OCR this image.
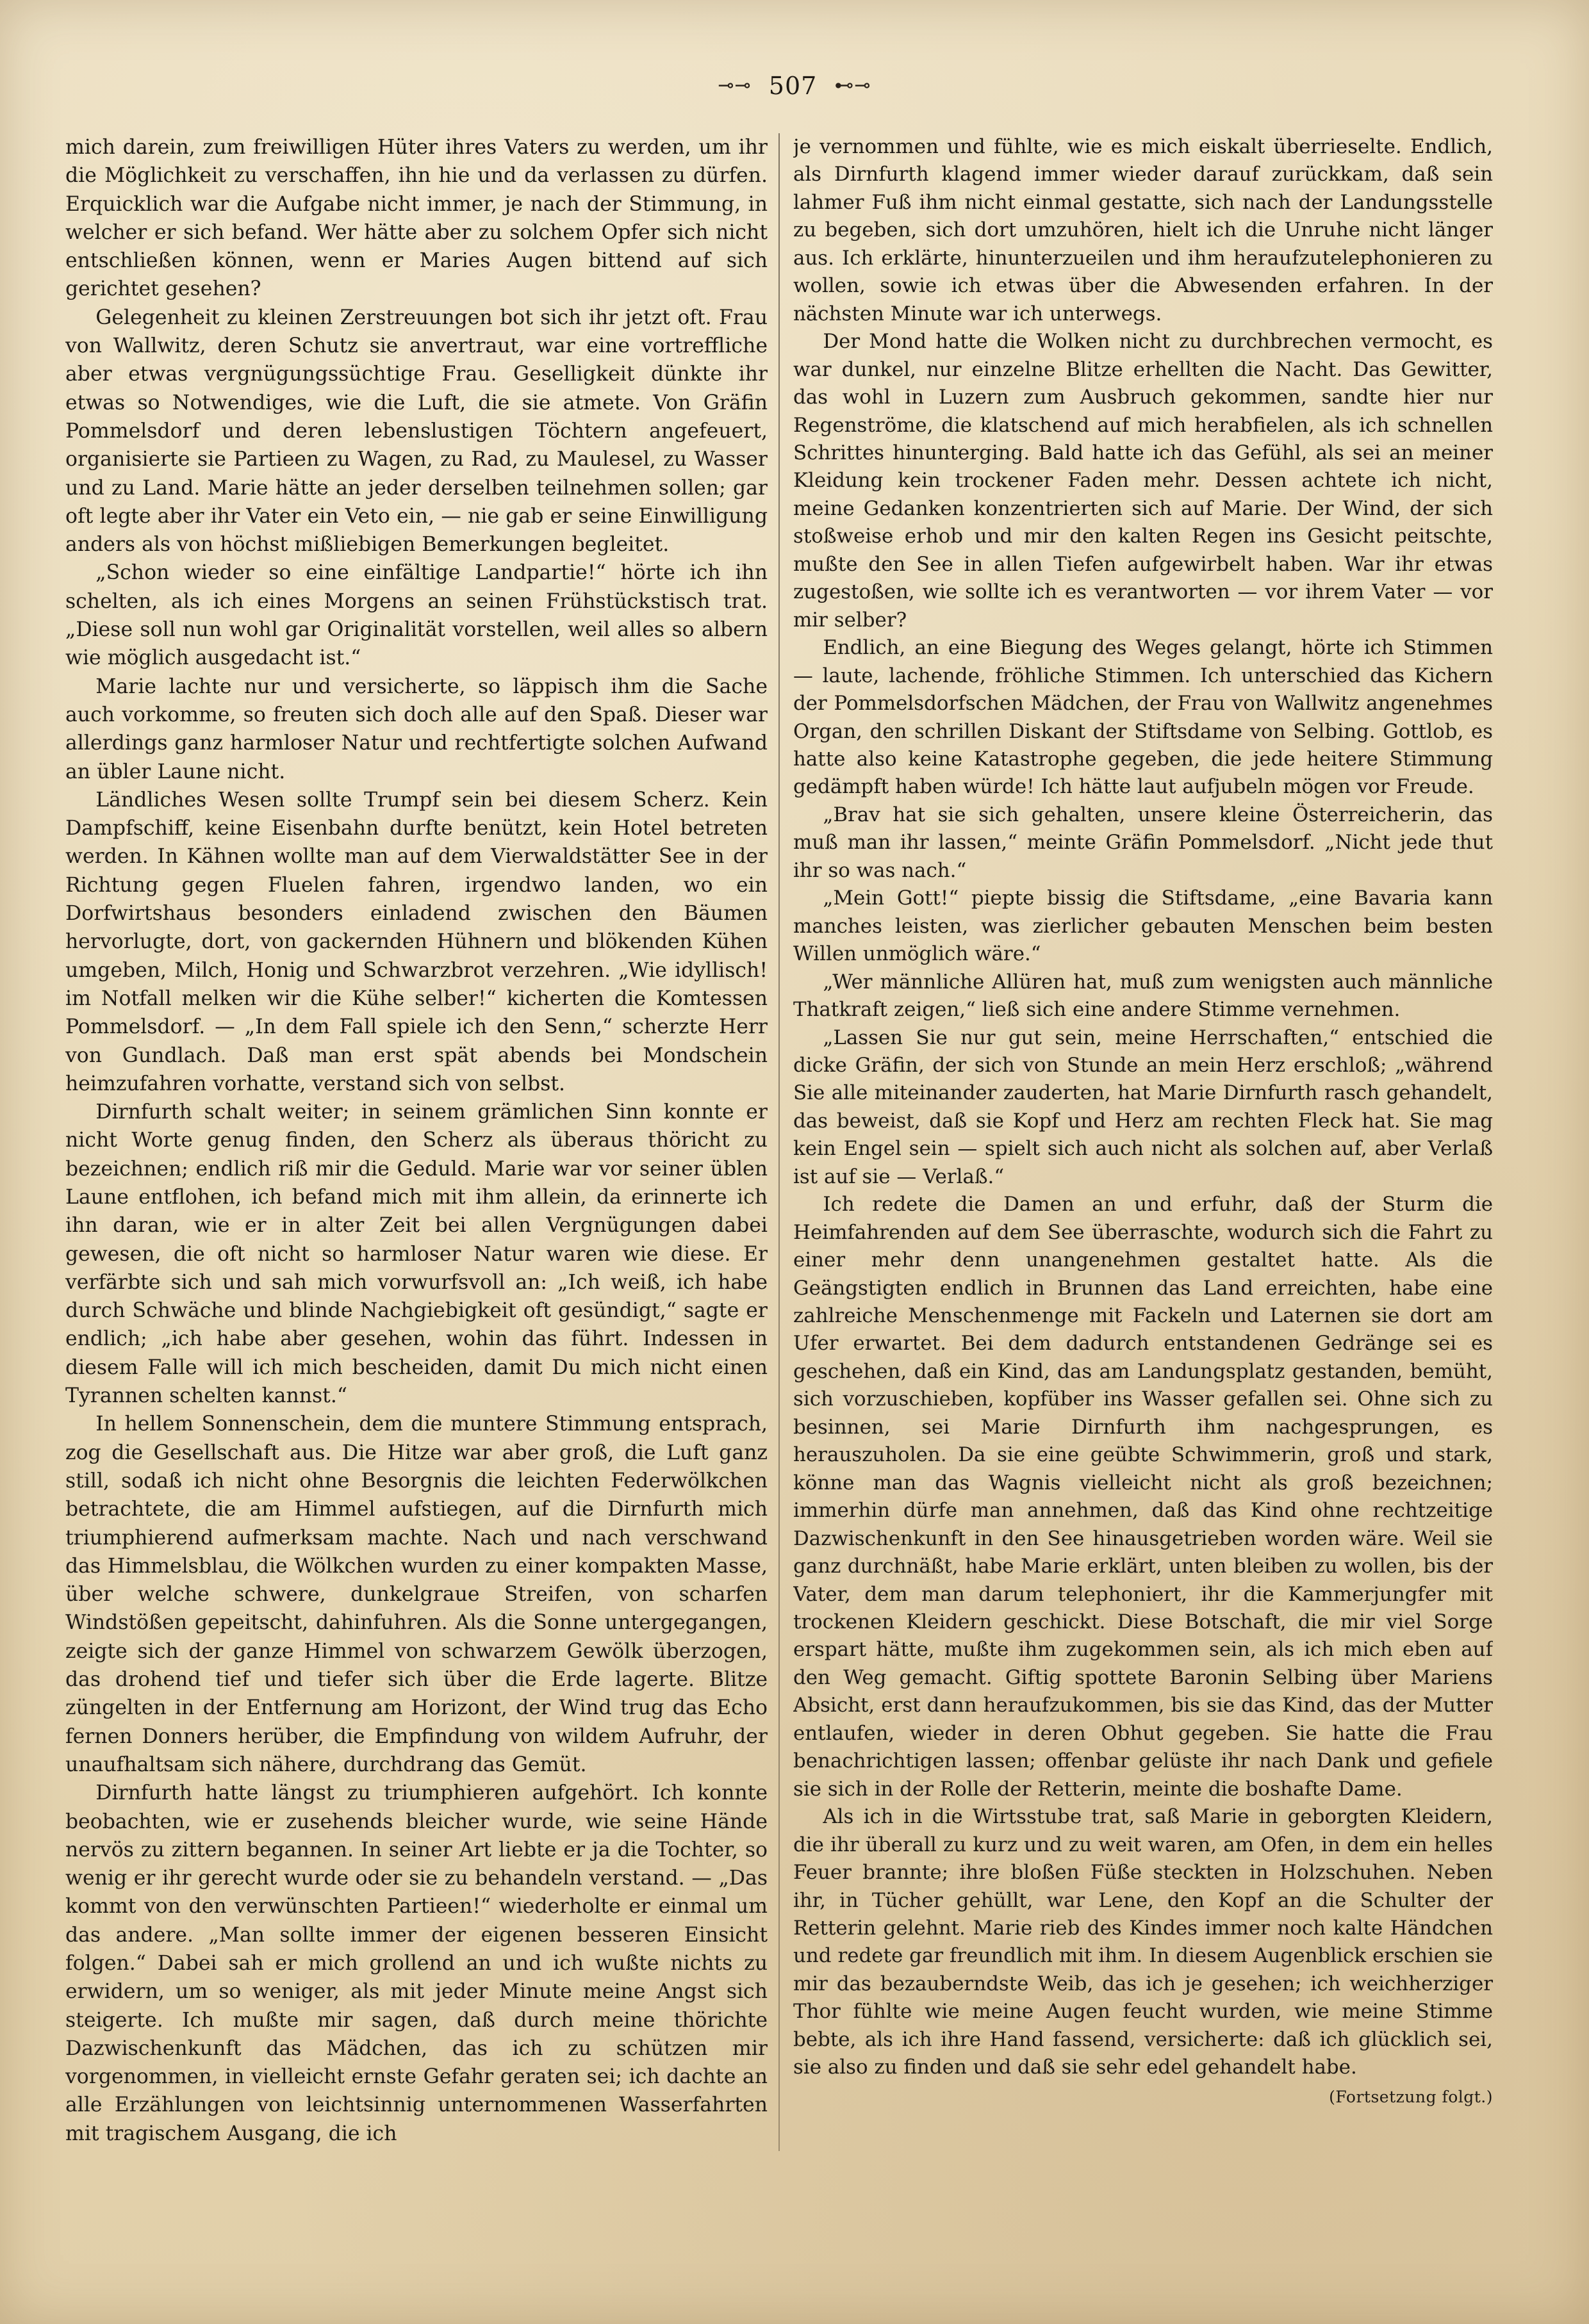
⊸⊸ 507 ⊷⊸

mich darein, zum freiwilligen Hüter ihres Vaters zu werden, um ihr die Möglichkeit zu verschaffen, ihn hie und da verlassen zu dürfen. Erquicklich war die Aufgabe nicht immer, je nach der Stimmung, in welcher er sich befand. Wer hätte aber zu solchem Opfer sich nicht entschließen können, wenn er Maries Augen bittend auf sich gerichtet gesehen?

Gelegenheit zu kleinen Zerstreuungen bot sich ihr jetzt oft. Frau von Wallwitz, deren Schutz sie anvertraut, war eine vortreffliche aber etwas vergnügungssüchtige Frau. Geselligkeit dünkte ihr etwas so Notwendiges, wie die Luft, die sie atmete. Von Gräfin Pommelsdorf und deren lebenslustigen Töchtern angefeuert, organisierte sie Partieen zu Wagen, zu Rad, zu Maulesel, zu Wasser und zu Land. Marie hätte an jeder derselben teilnehmen sollen; gar oft legte aber ihr Vater ein Veto ein, — nie gab er seine Einwilligung anders als von höchst mißliebigen Bemerkungen begleitet.

„Schon wieder so eine einfältige Landpartie!“ hörte ich ihn schelten, als ich eines Morgens an seinen Frühstückstisch trat. „Diese soll nun wohl gar Originalität vorstellen, weil alles so albern wie möglich ausgedacht ist.“

Marie lachte nur und versicherte, so läppisch ihm die Sache auch vorkomme, so freuten sich doch alle auf den Spaß. Dieser war allerdings ganz harmloser Natur und rechtfertigte solchen Aufwand an übler Laune nicht.

Ländliches Wesen sollte Trumpf sein bei diesem Scherz. Kein Dampfschiff, keine Eisenbahn durfte benützt, kein Hotel betreten werden. In Kähnen wollte man auf dem Vierwaldstätter See in der Richtung gegen Fluelen fahren, irgendwo landen, wo ein Dorfwirtshaus besonders einladend zwischen den Bäumen hervorlugte, dort, von gackernden Hühnern und blökenden Kühen umgeben, Milch, Honig und Schwarzbrot verzehren. „Wie idyllisch! im Notfall melken wir die Kühe selber!“ kicherten die Komtessen Pommelsdorf. — „In dem Fall spiele ich den Senn,“ scherzte Herr von Gundlach. Daß man erst spät abends bei Mondschein heimzufahren vorhatte, verstand sich von selbst.

Dirnfurth schalt weiter; in seinem grämlichen Sinn konnte er nicht Worte genug finden, den Scherz als überaus thöricht zu bezeichnen; endlich riß mir die Geduld. Marie war vor seiner üblen Laune entflohen, ich befand mich mit ihm allein, da erinnerte ich ihn daran, wie er in alter Zeit bei allen Vergnügungen dabei gewesen, die oft nicht so harmloser Natur waren wie diese. Er verfärbte sich und sah mich vorwurfsvoll an: „Ich weiß, ich habe durch Schwäche und blinde Nachgiebigkeit oft gesündigt,“ sagte er endlich; „ich habe aber gesehen, wohin das führt. Indessen in diesem Falle will ich mich bescheiden, damit Du mich nicht einen Tyrannen schelten kannst.“

In hellem Sonnenschein, dem die muntere Stimmung entsprach, zog die Gesellschaft aus. Die Hitze war aber groß, die Luft ganz still, sodaß ich nicht ohne Besorgnis die leichten Federwölkchen betrachtete, die am Himmel aufstiegen, auf die Dirnfurth mich triumphierend aufmerksam machte. Nach und nach verschwand das Himmelsblau, die Wölkchen wurden zu einer kompakten Masse, über welche schwere, dunkelgraue Streifen, von scharfen Windstößen gepeitscht, dahinfuhren. Als die Sonne untergegangen, zeigte sich der ganze Himmel von schwarzem Gewölk überzogen, das drohend tief und tiefer sich über die Erde lagerte. Blitze züngelten in der Entfernung am Horizont, der Wind trug das Echo fernen Donners herüber, die Empfindung von wildem Aufruhr, der unaufhaltsam sich nähere, durchdrang das Gemüt.

Dirnfurth hatte längst zu triumphieren aufgehört. Ich konnte beobachten, wie er zusehends bleicher wurde, wie seine Hände nervös zu zittern begannen. In seiner Art liebte er ja die Tochter, so wenig er ihr gerecht wurde oder sie zu behandeln verstand. — „Das kommt von den verwünschten Partieen!“ wiederholte er einmal um das andere. „Man sollte immer der eigenen besseren Einsicht folgen.“ Dabei sah er mich grollend an und ich wußte nichts zu erwidern, um so weniger, als mit jeder Minute meine Angst sich steigerte. Ich mußte mir sagen, daß durch meine thörichte Dazwischenkunft das Mädchen, das ich zu schützen mir vorgenommen, in vielleicht ernste Gefahr geraten sei; ich dachte an alle Erzählungen von leichtsinnig unternommenen Wasserfahrten mit tragischem Ausgang, die ich

je vernommen und fühlte, wie es mich eiskalt überrieselte. Endlich, als Dirnfurth klagend immer wieder darauf zurückkam, daß sein lahmer Fuß ihm nicht einmal gestatte, sich nach der Landungsstelle zu begeben, sich dort umzuhören, hielt ich die Unruhe nicht länger aus. Ich erklärte, hinunterzueilen und ihm heraufzutelephonieren zu wollen, sowie ich etwas über die Abwesenden erfahren. In der nächsten Minute war ich unterwegs.

Der Mond hatte die Wolken nicht zu durchbrechen vermocht, es war dunkel, nur einzelne Blitze erhellten die Nacht. Das Gewitter, das wohl in Luzern zum Ausbruch gekommen, sandte hier nur Regenströme, die klatschend auf mich herabfielen, als ich schnellen Schrittes hinunterging. Bald hatte ich das Gefühl, als sei an meiner Kleidung kein trockener Faden mehr. Dessen achtete ich nicht, meine Gedanken konzentrierten sich auf Marie. Der Wind, der sich stoßweise erhob und mir den kalten Regen ins Gesicht peitschte, mußte den See in allen Tiefen aufgewirbelt haben. War ihr etwas zugestoßen, wie sollte ich es verantworten — vor ihrem Vater — vor mir selber?

Endlich, an eine Biegung des Weges gelangt, hörte ich Stimmen — laute, lachende, fröhliche Stimmen. Ich unterschied das Kichern der Pommelsdorfschen Mädchen, der Frau von Wallwitz angenehmes Organ, den schrillen Diskant der Stiftsdame von Selbing. Gottlob, es hatte also keine Katastrophe gegeben, die jede heitere Stimmung gedämpft haben würde! Ich hätte laut aufjubeln mögen vor Freude.

„Brav hat sie sich gehalten, unsere kleine Österreicherin, das muß man ihr lassen,“ meinte Gräfin Pommelsdorf. „Nicht jede thut ihr so was nach.“

„Mein Gott!“ piepte bissig die Stiftsdame, „eine Bavaria kann manches leisten, was zierlicher gebauten Menschen beim besten Willen unmöglich wäre.“

„Wer männliche Allüren hat, muß zum wenigsten auch männliche Thatkraft zeigen,“ ließ sich eine andere Stimme vernehmen.

„Lassen Sie nur gut sein, meine Herrschaften,“ entschied die dicke Gräfin, der sich von Stunde an mein Herz erschloß; „während Sie alle miteinander zauderten, hat Marie Dirnfurth rasch gehandelt, das beweist, daß sie Kopf und Herz am rechten Fleck hat. Sie mag kein Engel sein — spielt sich auch nicht als solchen auf, aber Verlaß ist auf sie — Verlaß.“

Ich redete die Damen an und erfuhr, daß der Sturm die Heimfahrenden auf dem See überraschte, wodurch sich die Fahrt zu einer mehr denn unangenehmen gestaltet hatte. Als die Geängstigten endlich in Brunnen das Land erreichten, habe eine zahlreiche Menschenmenge mit Fackeln und Laternen sie dort am Ufer erwartet. Bei dem dadurch entstandenen Gedränge sei es geschehen, daß ein Kind, das am Landungsplatz gestanden, bemüht, sich vorzuschieben, kopfüber ins Wasser gefallen sei. Ohne sich zu besinnen, sei Marie Dirnfurth ihm nachgesprungen, es herauszuholen. Da sie eine geübte Schwimmerin, groß und stark, könne man das Wagnis vielleicht nicht als groß bezeichnen; immerhin dürfe man annehmen, daß das Kind ohne rechtzeitige Dazwischenkunft in den See hinausgetrieben worden wäre. Weil sie ganz durchnäßt, habe Marie erklärt, unten bleiben zu wollen, bis der Vater, dem man darum telephoniert, ihr die Kammerjungfer mit trockenen Kleidern geschickt. Diese Botschaft, die mir viel Sorge erspart hätte, mußte ihm zugekommen sein, als ich mich eben auf den Weg gemacht. Giftig spottete Baronin Selbing über Mariens Absicht, erst dann heraufzukommen, bis sie das Kind, das der Mutter entlaufen, wieder in deren Obhut gegeben. Sie hatte die Frau benachrichtigen lassen; offenbar gelüste ihr nach Dank und gefiele sie sich in der Rolle der Retterin, meinte die boshafte Dame.

Als ich in die Wirtsstube trat, saß Marie in geborgten Kleidern, die ihr überall zu kurz und zu weit waren, am Ofen, in dem ein helles Feuer brannte; ihre bloßen Füße steckten in Holzschuhen. Neben ihr, in Tücher gehüllt, war Lene, den Kopf an die Schulter der Retterin gelehnt. Marie rieb des Kindes immer noch kalte Händchen und redete gar freundlich mit ihm. In diesem Augenblick erschien sie mir das bezauberndste Weib, das ich je gesehen; ich weichherziger Thor fühlte wie meine Augen feucht wurden, wie meine Stimme bebte, als ich ihre Hand fassend, versicherte: daß ich glücklich sei, sie also zu finden und daß sie sehr edel gehandelt habe.

(Fortsetzung folgt.)
